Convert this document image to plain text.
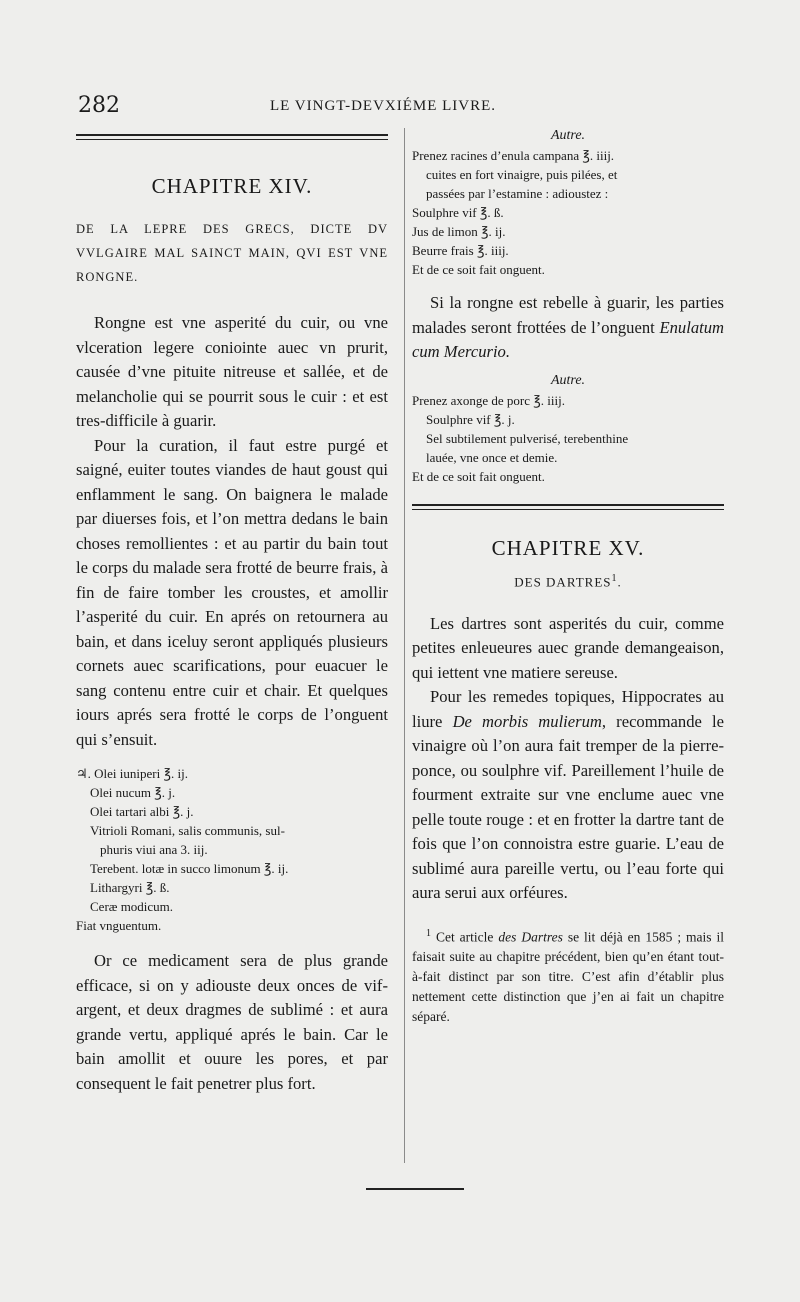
282	LE VINGT-DEVXIÉME LIVRE.
CHAPITRE XIV.
DE LA LEPRE DES GRECS, DICTE DV VVLGAIRE MAL SAINCT MAIN, QVI EST VNE RONGNE.

Rongne est vne asperité du cuir, ou vne vlceration legere coniointe auec vn prurit, causée d’vne pituite nitreuse et sallée, et de melancholie qui se pourrit sous le cuir : et est tres-difficile à guarir.

Pour la curation, il faut estre purgé et saigné, euiter toutes viandes de haut goust qui enflamment le sang. On baignera le malade par diuerses fois, et l’on mettra dedans le bain choses remollientes : et au partir du bain tout le corps du malade sera frotté de beurre frais, à fin de faire tomber les croustes, et amollir l’asperité du cuir. En aprés on retournera au bain, et dans iceluy seront appliqués plusieurs cornets auec scarifications, pour euacuer le sang contenu entre cuir et chair. Et quelques iours aprés sera frotté le corps de l’onguent qui s’ensuit.

♃. Olei iuniperi ℥. ij.
Olei nucum ℥. j.
Olei tartari albi ℥. j.
Vitrioli Romani, salis communis, sul-
phuris viui ana 3. iij.
Terebent. lotæ in succo limonum ℥. ij.
Lithargyri ℥. ß.
Ceræ modicum.
Fiat vnguentum.

Or ce medicament sera de plus grande efficace, si on y adiouste deux onces de vif-argent, et deux dragmes de sublimé : et aura grande vertu, appliqué aprés le bain. Car le bain amollit et ouure les pores, et par consequent le fait penetrer plus fort.

Autre.
Prenez racines d’enula campana ℥. iiij.
cuites en fort vinaigre, puis pilées, et
passées par l’estamine : adioustez :
Soulphre vif ℥. ß.
Jus de limon ℥. ij.
Beurre frais ℥. iiij.
Et de ce soit fait onguent.

Si la rongne est rebelle à guarir, les parties malades seront frottées de l’onguent Enulatum cum Mercurio.

Autre.
Prenez axonge de porc ℥. iiij.
Soulphre vif ℥. j.
Sel subtilement pulverisé, terebenthine
lauée, vne once et demie.
Et de ce soit fait onguent.
CHAPITRE XV.
DES DARTRES$^1$.

Les dartres sont asperités du cuir, comme petites enleueures auec grande demangeaison, qui iettent vne matiere sereuse.

Pour les remedes topiques, Hippocrates au liure De morbis mulierum, recommande le vinaigre où l’on aura fait tremper de la pierre-ponce, ou soulphre vif. Pareillement l’huile de fourment extraite sur vne enclume auec vne pelle toute rouge : et en frotter la dartre tant de fois que l’on connoistra estre guarie. L’eau de sublimé aura pareille vertu, ou l’eau forte qui aura serui aux orféures.

$^1$ Cet article des Dartres se lit déjà en 1585 ; mais il faisait suite au chapitre précédent, bien qu’en étant tout-à-fait distinct par son titre. C’est afin d’établir plus nettement cette distinction que j’en ai fait un chapitre séparé.
